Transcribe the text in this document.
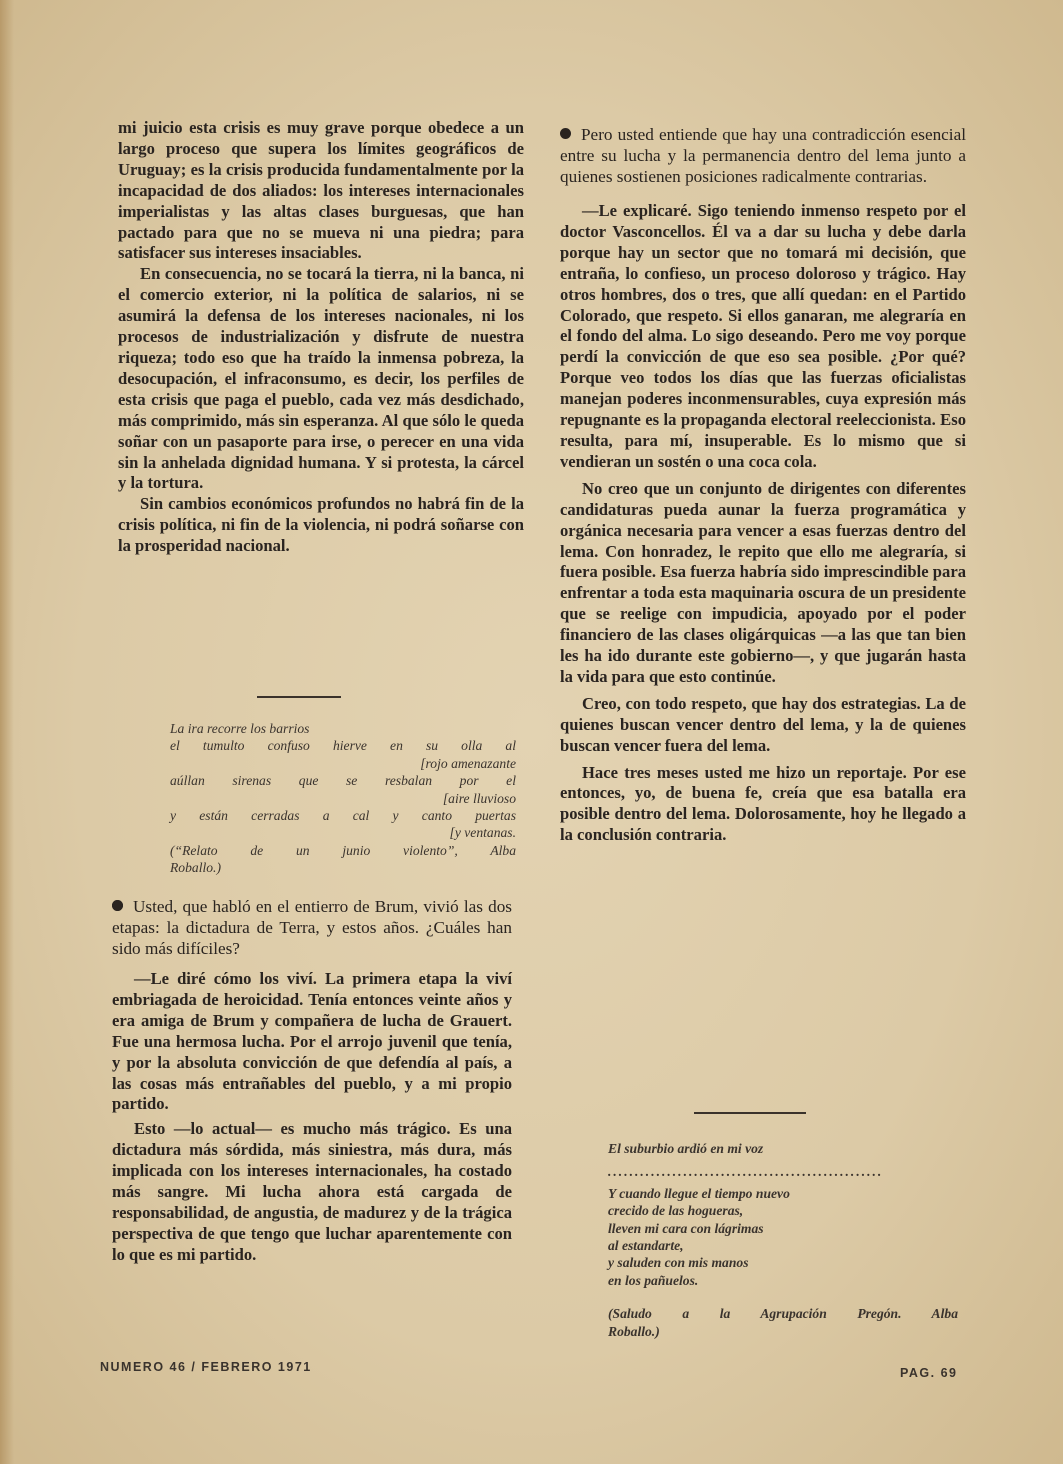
mi juicio esta crisis es muy grave porque obedece a un largo proceso que supera los límites geográficos de Uruguay; es la crisis producida fundamentalmente por la incapacidad de dos aliados: los intereses internacionales imperialistas y las altas clases burguesas, que han pactado para que no se mueva ni una piedra; para satisfacer sus intereses insaciables.

En consecuencia, no se tocará la tierra, ni la banca, ni el comercio exterior, ni la política de salarios, ni se asumirá la defensa de los intereses nacionales, ni los procesos de industrialización y disfrute de nuestra riqueza; todo eso que ha traído la inmensa pobreza, la desocupación, el infraconsumo, es decir, los perfiles de esta crisis que paga el pueblo, cada vez más desdichado, más comprimido, más sin esperanza. Al que sólo le queda soñar con un pasaporte para irse, o perecer en una vida sin la anhelada dignidad humana. Y si protesta, la cárcel y la tortura.

Sin cambios económicos profundos no habrá fin de la crisis política, ni fin de la violencia, ni podrá soñarse con la prosperidad nacional.

La ira recorre los barrios
el tumulto confuso hierve en su olla al
[rojo amenazante
aúllan sirenas que se resbalan por el
[aire lluvioso
y están cerradas a cal y canto puertas
[y ventanas.
(“Relato de un junio violento”, Alba
Roballo.)

Usted, que habló en el entierro de Brum, vivió las dos etapas: la dictadura de Terra, y estos años. ¿Cuáles han sido más difíciles?

—Le diré cómo los viví. La primera etapa la viví embriagada de heroicidad. Tenía entonces veinte años y era amiga de Brum y compañera de lucha de Grauert. Fue una hermosa lucha. Por el arrojo juvenil que tenía, y por la absoluta convicción de que defendía al país, a las cosas más entrañables del pueblo, y a mi propio partido.

Esto —lo actual— es mucho más trágico. Es una dictadura más sórdida, más siniestra, más dura, más implicada con los intereses internacionales, ha costado más sangre. Mi lucha ahora está cargada de responsabilidad, de angustia, de madurez y de la trágica perspectiva de que tengo que luchar aparentemente con lo que es mi partido.

Pero usted entiende que hay una contradicción esencial entre su lucha y la permanencia dentro del lema junto a quienes sostienen posiciones radicalmente contrarias.

—Le explicaré. Sigo teniendo inmenso respeto por el doctor Vasconcellos. Él va a dar su lucha y debe darla porque hay un sector que no tomará mi decisión, que entraña, lo confieso, un proceso doloroso y trágico. Hay otros hombres, dos o tres, que allí quedan: en el Partido Colorado, que respeto. Si ellos ganaran, me alegraría en el fondo del alma. Lo sigo deseando. Pero me voy porque perdí la convicción de que eso sea posible. ¿Por qué? Porque veo todos los días que las fuerzas oficialistas manejan poderes inconmensurables, cuya expresión más repugnante es la propaganda electoral reeleccionista. Eso resulta, para mí, insuperable. Es lo mismo que si vendieran un sostén o una coca cola.

No creo que un conjunto de dirigentes con diferentes candidaturas pueda aunar la fuerza programática y orgánica necesaria para vencer a esas fuerzas dentro del lema. Con honradez, le repito que ello me alegraría, si fuera posible. Esa fuerza habría sido imprescindible para enfrentar a toda esta maquinaria oscura de un presidente que se reelige con impudicia, apoyado por el poder financiero de las clases oligárquicas —a las que tan bien les ha ido durante este gobierno—, y que jugarán hasta la vida para que esto continúe.

Creo, con todo respeto, que hay dos estrategias. La de quienes buscan vencer dentro del lema, y la de quienes buscan vencer fuera del lema.

Hace tres meses usted me hizo un reportaje. Por ese entonces, yo, de buena fe, creía que esa batalla era posible dentro del lema. Dolorosamente, hoy he llegado a la conclusión contraria.

El suburbio ardió en mi voz
...................................................
Y cuando llegue el tiempo nuevo
crecido de las hogueras,
lleven mi cara con lágrimas
al estandarte,
y saluden con mis manos
en los pañuelos.
(Saludo a la Agrupación Pregón. Alba
Roballo.)
NUMERO 46 / FEBRERO 1971	PAG. 69
